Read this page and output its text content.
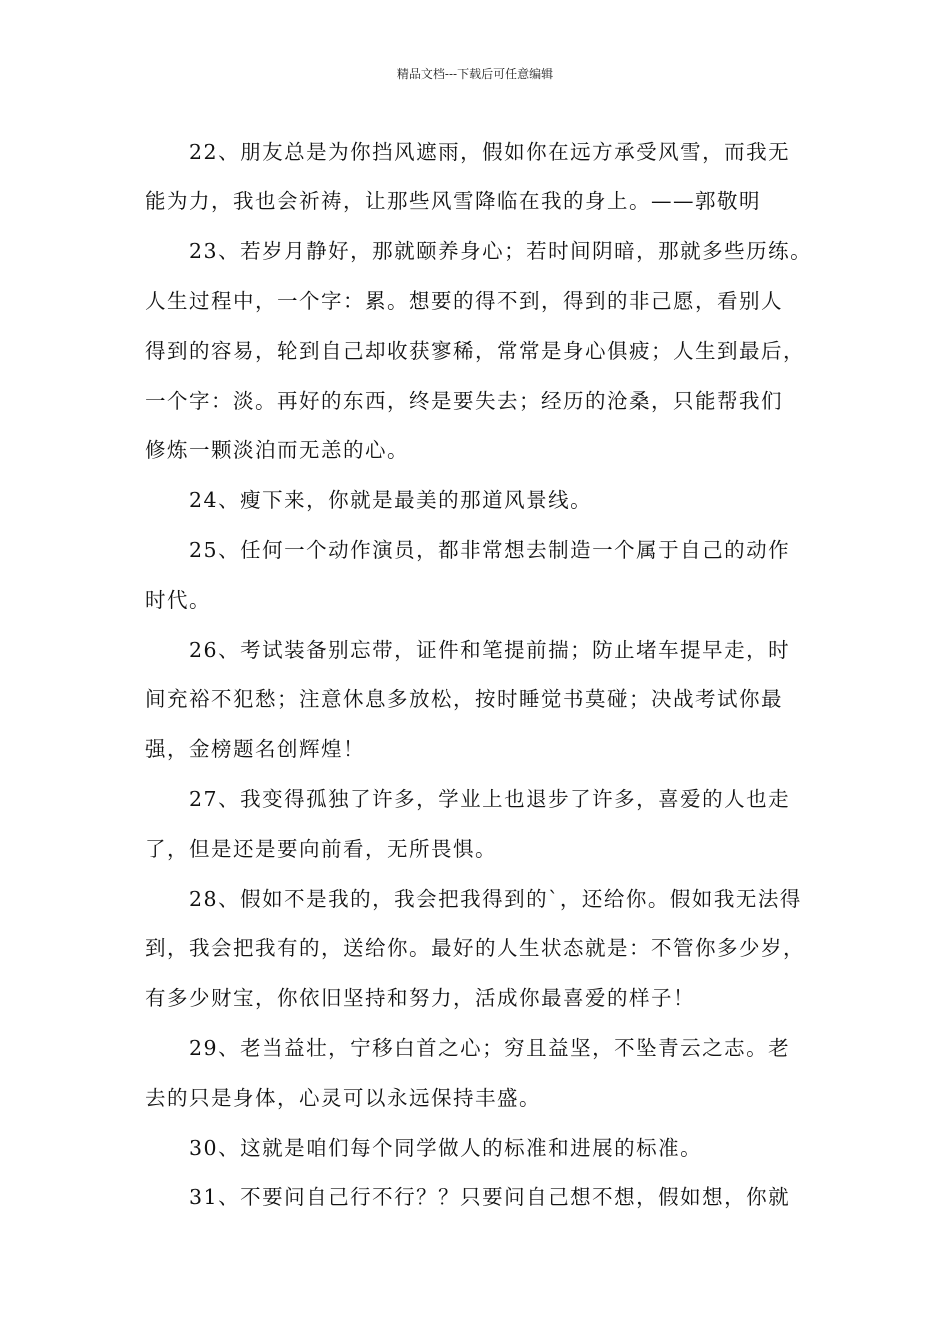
精品文档---下载后可任意编辑
22、朋友总是为你挡风遮雨，假如你在远方承受风雪，而我无
能为力，我也会祈祷，让那些风雪降临在我的身上。——郭敬明
23、若岁月静好，那就颐养身心；若时间阴暗，那就多些历练。
人生过程中，一个字：累。想要的得不到，得到的非己愿，看别人
得到的容易，轮到自己却收获寥稀，常常是身心俱疲；人生到最后，
一个字：淡。再好的东西，终是要失去；经历的沧桑，只能帮我们
修炼一颗淡泊而无恙的心。
24、瘦下来，你就是最美的那道风景线。
25、任何一个动作演员，都非常想去制造一个属于自己的动作
时代。
26、考试装备别忘带，证件和笔提前揣；防止堵车提早走，时
间充裕不犯愁；注意休息多放松，按时睡觉书莫碰；决战考试你最
强，金榜题名创辉煌！
27、我变得孤独了许多，学业上也退步了许多，喜爱的人也走
了，但是还是要向前看，无所畏惧。
28、假如不是我的，我会把我得到的`，还给你。假如我无法得
到，我会把我有的，送给你。最好的人生状态就是：不管你多少岁，
有多少财宝，你依旧坚持和努力，活成你最喜爱的样子！
29、老当益壮，宁移白首之心；穷且益坚，不坠青云之志。老
去的只是身体，心灵可以永远保持丰盛。
30、这就是咱们每个同学做人的标准和进展的标准。
31、不要问自己行不行？？只要问自己想不想，假如想，你就
